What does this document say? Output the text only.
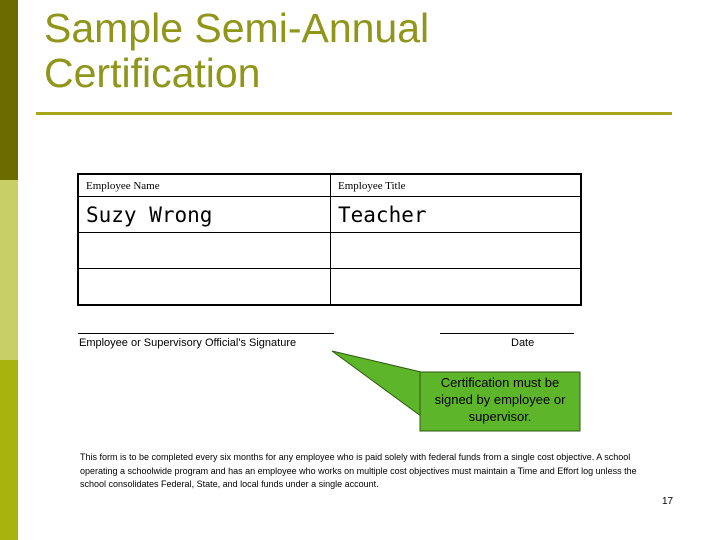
Sample Semi-Annual
Certification
Employee Name	Employee Title
Suzy Wrong	Teacher

Employee or Supervisory Official's Signature	Date
Certification must be signed by employee or supervisor.
This form is to be completed every six months for any employee who is paid solely with federal funds from a single cost objective. A school operating a schoolwide program and has an employee who works on multiple cost objectives must maintain a Time and Effort log unless the school consolidates Federal, State, and local funds under a single account.
17
